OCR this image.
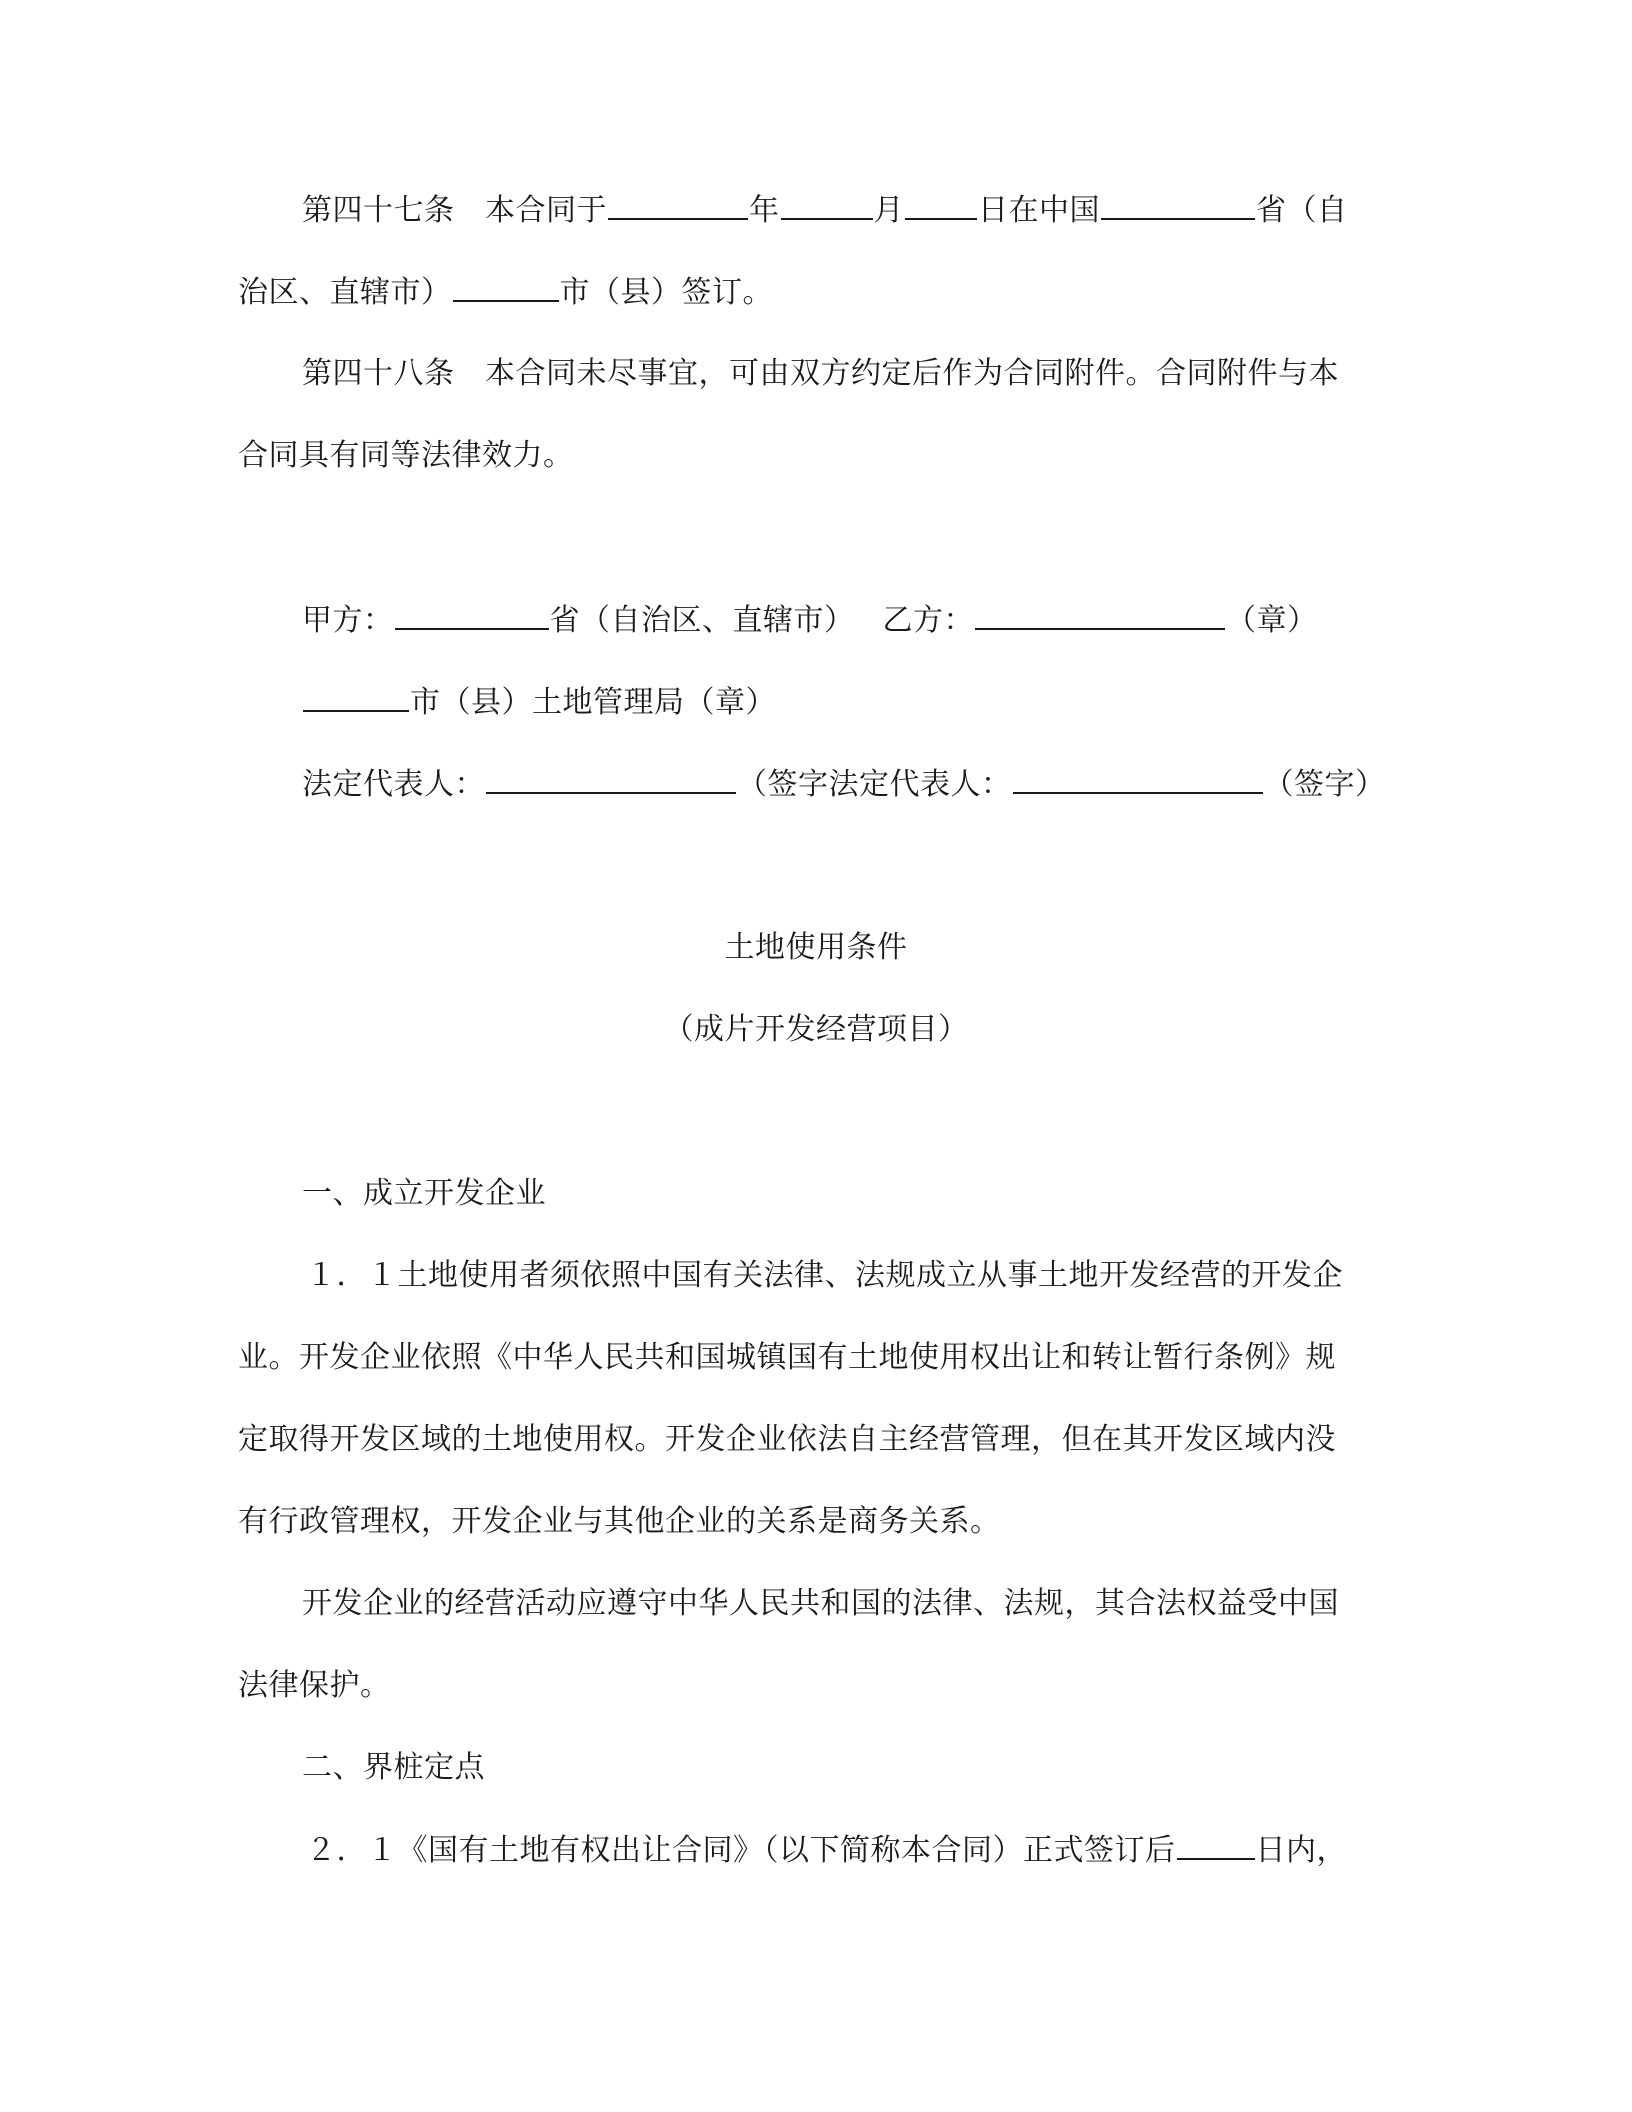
第四十七条　本合同于	年	月 日在中国	省（自
治区、直辖市）	市（县）签订。
第四十八条　本合同未尽事宜，可由双方约定后作为合同附件。合同附件与本
合同具有同等法律效力。
甲方：	省（自治区、直辖市） 乙方：	（章）
市（县）土地管理局（章）
法定代表人：	（签字法定代表人：	（签字）
土地使用条件
（成片开发经营项目）
一、成立开发企业
１．１土地使用者须依照中国有关法律、法规成立从事土地开发经营的开发企
业。开发企业依照《中华人民共和国城镇国有土地使用权出让和转让暂行条例》规
定取得开发区域的土地使用权。开发企业依法自主经营管理，但在其开发区域内没
有行政管理权，开发企业与其他企业的关系是商务关系。
开发企业的经营活动应遵守中华人民共和国的法律、法规，其合法权益受中国
法律保护。
二、界桩定点
２．１《国有土地有权出让合同》（以下简称本合同）正式签订后	日内，
